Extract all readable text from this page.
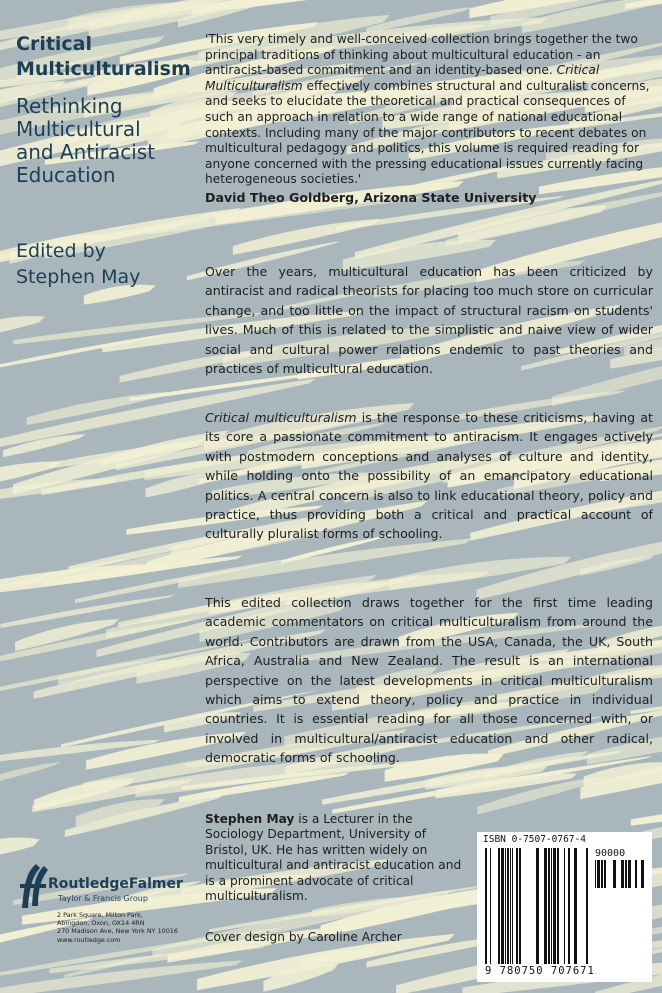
Critical
Multiculturalism
Rethinking
Multicultural
and Antiracist
Education
Edited by
Stephen May
'This very timely and well-conceived collection brings together the two principal traditions of thinking about multicultural education - an antiracist-based commitment and an identity-based one. Critical Multiculturalism effectively combines structural and culturalist concerns, and seeks to elucidate the theoretical and practical consequences of such an approach in relation to a wide range of national educational contexts. Including many of the major contributors to recent debates on multicultural pedagogy and politics, this volume is required reading for anyone concerned with the pressing educational issues currently facing heterogeneous societies.'
David Theo Goldberg, Arizona State University
Over the years, multicultural education has been criticized by antiracist and radical theorists for placing too much store on curricular change, and too little on the impact of structural racism on students' lives. Much of this is related to the simplistic and naive view of wider social and cultural power relations endemic to past theories and practices of multicultural education.
Critical multiculturalism is the response to these criticisms, having at its core a passionate commitment to antiracism. It engages actively with postmodern conceptions and analyses of culture and identity, while holding onto the possibility of an emancipatory educational politics. A central concern is also to link educational theory, policy and practice, thus providing both a critical and practical account of culturally pluralist forms of schooling.
This edited collection draws together for the first time leading academic commentators on critical multiculturalism from around the world. Contributors are drawn from the USA, Canada, the UK, South Africa, Australia and New Zealand. The result is an international perspective on the latest developments in critical multiculturalism which aims to extend theory, policy and practice in individual countries. It is essential reading for all those concerned with, or involved in multicultural/antiracist education and other radical, democratic forms of schooling.
Stephen May is a Lecturer in the Sociology Department, University of Bristol, UK. He has written widely on multicultural and antiracist education and is a prominent advocate of critical multiculturalism.
Cover design by Caroline Archer
RoutledgeFalmer
Taylor & Francis Group
2 Park Square, Milton Park,
Abingdon, Oxon, OX14 4RN
270 Madison Ave, New York NY 10016
www.routledge.com
ISBN 0-7507-0767-4
90000
9 780750 707671
